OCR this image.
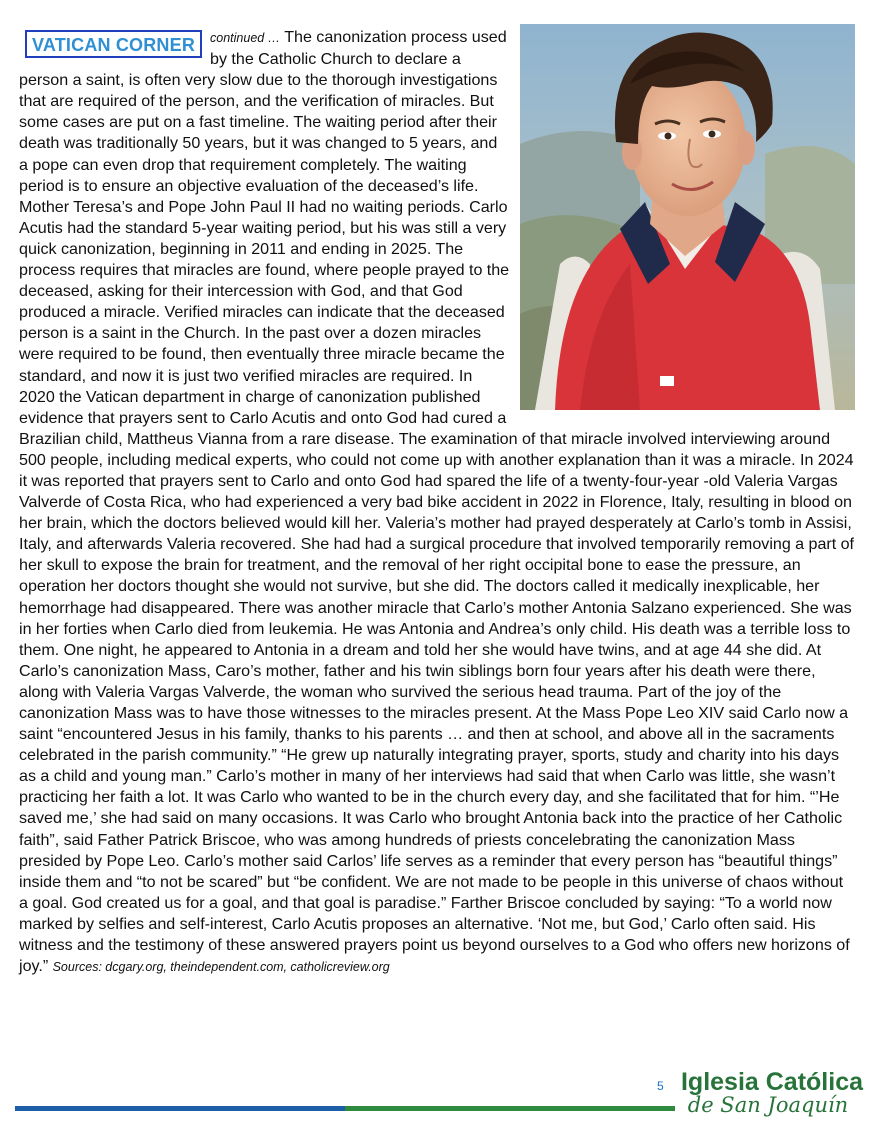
VATICAN CORNER	continued … The canonization process used by the Catholic Church to declare a person a saint, is often very slow due to the thorough investigations that are required of the person, and the verification of miracles. But some cases are put on a fast timeline. The waiting period after their death was traditionally 50 years, but it was changed to 5 years, and a pope can even drop that requirement completely. The waiting period is to ensure an objective evaluation of the deceased’s life. Mother Teresa’s and Pope John Paul II had no waiting periods. Carlo Acutis had the standard 5-year waiting period, but his was still a very quick canonization, beginning in 2011 and ending in 2025. The process requires that miracles are found, where people prayed to the deceased, asking for their intercession with God, and that God produced a miracle. Verified miracles can indicate that the deceased person is a saint in the Church. In the past over a dozen miracles were required to be found, then eventually three miracle became the standard, and now it is just two verified miracles are required. In 2020 the Vatican department in charge of canonization published evidence that prayers sent to Carlo Acutis and onto God had cured a Brazilian child, Mattheus Vianna from a rare disease. The examination of that miracle involved interviewing around 500 people, including medical experts, who could not come up with another explanation than it was a miracle. In 2024 it was reported that prayers sent to Carlo and onto God had spared the life of a twenty-four-year -old Valeria Vargas Valverde of Costa Rica, who had experienced a very bad bike accident in 2022 in Florence, Italy, resulting in blood on her brain, which the doctors believed would kill her. Valeria’s mother had prayed desperately at Carlo’s tomb in Assisi, Italy, and afterwards Valeria recovered. She had had a surgical procedure that involved temporarily removing a part of her skull to expose the brain for treatment, and the removal of her right occipital bone to ease the pressure, an operation her doctors thought she would not survive, but she did. The doctors called it medically inexplicable, her hemorrhage had disappeared. There was another miracle that Carlo’s mother Antonia Salzano experienced. She was in her forties when Carlo died from leukemia. He was Antonia and Andrea’s only child. His death was a terrible loss to them. One night, he appeared to Antonia in a dream and told her she would have twins, and at age 44 she did. At Carlo’s canonization Mass, Caro’s mother, father and his twin siblings born four years after his death were there, along with Valeria Vargas Valverde, the woman who survived the serious head trauma. Part of the joy of the canonization Mass was to have those witnesses to the miracles present. At the Mass Pope Leo XIV said Carlo now a saint “encountered Jesus in his family, thanks to his parents … and then at school, and above all in the sacraments celebrated in the parish community.” “He grew up naturally integrating prayer, sports, study and charity into his days as a child and young man.” Carlo’s mother in many of her interviews had said that when Carlo was little, she wasn’t practicing her faith a lot. It was Carlo who wanted to be in the church every day, and she facilitated that for him. “’He saved me,’ she had said on many occasions. It was Carlo who brought Antonia back into the practice of her Catholic faith”, said Father Patrick Briscoe, who was among hundreds of priests concelebrating the canonization Mass presided by Pope Leo. Carlo’s mother said Carlos’ life serves as a reminder that every person has “beautiful things” inside them and “to not be scared” but “be confident. We are not made to be people in this universe of chaos without a goal. God created us for a goal, and that goal is paradise.” Farther Briscoe concluded by saying: “To a world now marked by selfies and self-interest, Carlo Acutis proposes an alternative. ‘Not me, but God,’ Carlo often said. His witness and the testimony of these answered prayers point us beyond ourselves to a God who offers new horizons of joy.” Sources: dcgary.org, theindependent.com, catholicreview.org
5 Iglesia Católica
de San Joaquín
